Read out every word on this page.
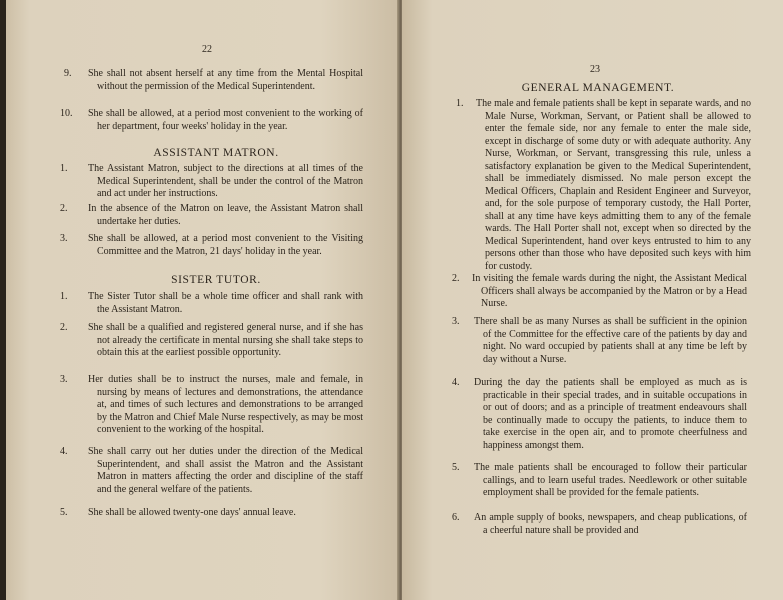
22
9. She shall not absent herself at any time from the Mental Hospital without the permission of the Medical Superintendent.
10. She shall be allowed, at a period most convenient to the working of her department, four weeks' holiday in the year.
ASSISTANT MATRON.
1. The Assistant Matron, subject to the directions at all times of the Medical Superintendent, shall be under the control of the Matron and act under her instructions.
2. In the absence of the Matron on leave, the Assistant Matron shall undertake her duties.
3. She shall be allowed, at a period most convenient to the Visiting Committee and the Matron, 21 days' holiday in the year.
SISTER TUTOR.
1. The Sister Tutor shall be a whole time officer and shall rank with the Assistant Matron.
2. She shall be a qualified and registered general nurse, and if she has not already the certificate in mental nursing she shall take steps to obtain this at the earliest possible opportunity.
3. Her duties shall be to instruct the nurses, male and female, in nursing by means of lectures and demonstrations, the attendance at, and times of such lectures and demonstrations to be arranged by the Matron and Chief Male Nurse respectively, as may be most convenient to the working of the hospital.
4. She shall carry out her duties under the direction of the Medical Superintendent, and shall assist the Matron and the Assistant Matron in matters affecting the order and discipline of the staff and the general welfare of the patients.
5. She shall be allowed twenty-one days' annual leave.
23
GENERAL MANAGEMENT.
1. The male and female patients shall be kept in separate wards, and no Male Nurse, Workman, Servant, or Patient shall be allowed to enter the female side, nor any female to enter the male side, except in discharge of some duty or with adequate authority. Any Nurse, Workman, or Servant, transgressing this rule, unless a satisfactory explanation be given to the Medical Superintendent, shall be immediately dismissed. No male person except the Medical Officers, Chaplain and Resident Engineer and Surveyor, and, for the sole purpose of temporary custody, the Hall Porter, shall at any time have keys admitting them to any of the female wards. The Hall Porter shall not, except when so directed by the Medical Superintendent, hand over keys entrusted to him to any persons other than those who have deposited such keys with him for custody.
2. In visiting the female wards during the night, the Assistant Medical Officers shall always be accompanied by the Matron or by a Head Nurse.
3. There shall be as many Nurses as shall be sufficient in the opinion of the Committee for the effective care of the patients by day and night. No ward occupied by patients shall at any time be left by day without a Nurse.
4. During the day the patients shall be employed as much as is practicable in their special trades, and in suitable occupations in or out of doors; and as a principle of treatment endeavours shall be continually made to occupy the patients, to induce them to take exercise in the open air, and to promote cheerfulness and happiness amongst them.
5. The male patients shall be encouraged to follow their particular callings, and to learn useful trades. Needlework or other suitable employment shall be provided for the female patients.
6. An ample supply of books, newspapers, and cheap publications, of a cheerful nature shall be provided and
